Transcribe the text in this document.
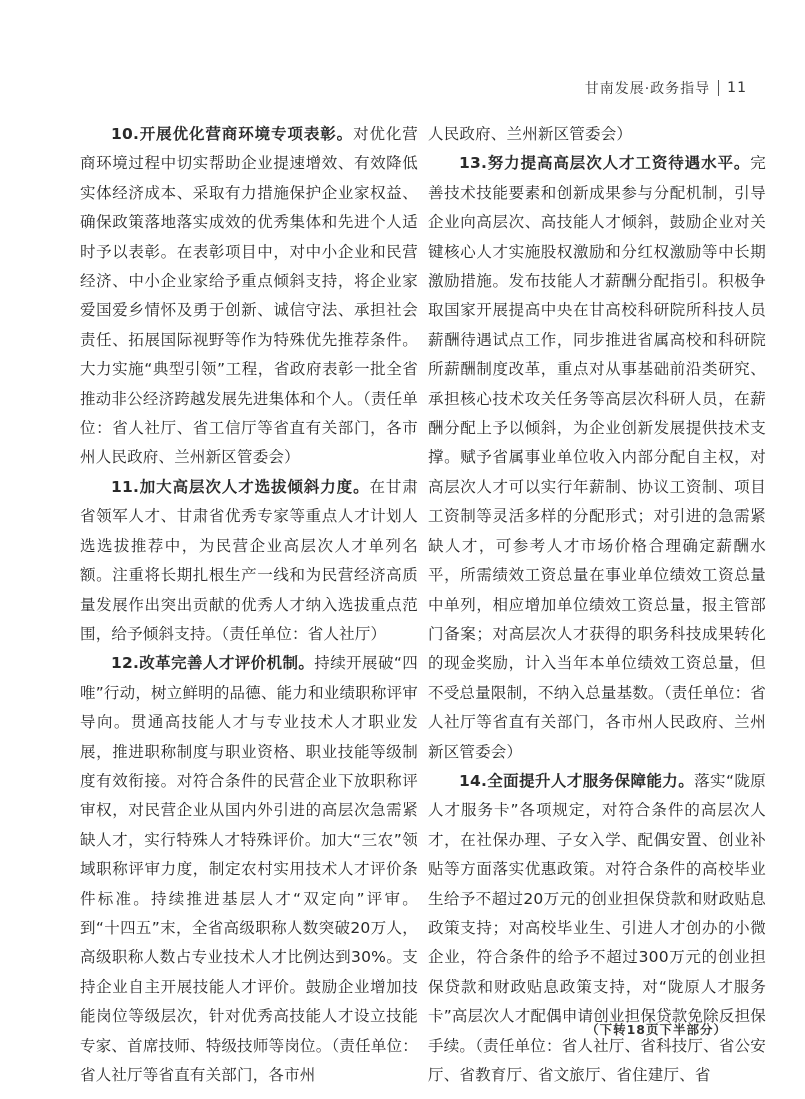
甘南发展·政务指导 11

10.开展优化营商环境专项表彰。对优化营商环境过程中切实帮助企业提速增效、有效降低实体经济成本、采取有力措施保护企业家权益、确保政策落地落实成效的优秀集体和先进个人适时予以表彰。在表彰项目中，对中小企业和民营经济、中小企业家给予重点倾斜支持，将企业家爱国爱乡情怀及勇于创新、诚信守法、承担社会责任、拓展国际视野等作为特殊优先推荐条件。大力实施“典型引领”工程，省政府表彰一批全省推动非公经济跨越发展先进集体和个人。（责任单位：省人社厅、省工信厅等省直有关部门，各市州人民政府、兰州新区管委会）

11.加大高层次人才选拔倾斜力度。在甘肃省领军人才、甘肃省优秀专家等重点人才计划人选选拔推荐中，为民营企业高层次人才单列名额。注重将长期扎根生产一线和为民营经济高质量发展作出突出贡献的优秀人才纳入选拔重点范围，给予倾斜支持。（责任单位：省人社厅）

12.改革完善人才评价机制。持续开展破“四唯”行动，树立鲜明的品德、能力和业绩职称评审导向。贯通高技能人才与专业技术人才职业发展，推进职称制度与职业资格、职业技能等级制度有效衔接。对符合条件的民营企业下放职称评审权，对民营企业从国内外引进的高层次急需紧缺人才，实行特殊人才特殊评价。加大“三农”领域职称评审力度，制定农村实用技术人才评价条件标准。持续推进基层人才“双定向”评审。到“十四五”末，全省高级职称人数突破20万人，高级职称人数占专业技术人才比例达到30%。支持企业自主开展技能人才评价。鼓励企业增加技能岗位等级层次，针对优秀高技能人才设立技能专家、首席技师、特级技师等岗位。（责任单位：省人社厅等省直有关部门，各市州

人民政府、兰州新区管委会）

13.努力提高高层次人才工资待遇水平。完善技术技能要素和创新成果参与分配机制，引导企业向高层次、高技能人才倾斜，鼓励企业对关键核心人才实施股权激励和分红权激励等中长期激励措施。发布技能人才薪酬分配指引。积极争取国家开展提高中央在甘高校科研院所科技人员薪酬待遇试点工作，同步推进省属高校和科研院所薪酬制度改革，重点对从事基础前沿类研究、承担核心技术攻关任务等高层次科研人员，在薪酬分配上予以倾斜，为企业创新发展提供技术支撑。赋予省属事业单位收入内部分配自主权，对高层次人才可以实行年薪制、协议工资制、项目工资制等灵活多样的分配形式；对引进的急需紧缺人才，可参考人才市场价格合理确定薪酬水平，所需绩效工资总量在事业单位绩效工资总量中单列，相应增加单位绩效工资总量，报主管部门备案；对高层次人才获得的职务科技成果转化的现金奖励，计入当年本单位绩效工资总量，但不受总量限制，不纳入总量基数。（责任单位：省人社厅等省直有关部门，各市州人民政府、兰州新区管委会）

14.全面提升人才服务保障能力。落实“陇原人才服务卡”各项规定，对符合条件的高层次人才，在社保办理、子女入学、配偶安置、创业补贴等方面落实优惠政策。对符合条件的高校毕业生给予不超过20万元的创业担保贷款和财政贴息政策支持；对高校毕业生、引进人才创办的小微企业，符合条件的给予不超过300万元的创业担保贷款和财政贴息政策支持，对“陇原人才服务卡”高层次人才配偶申请创业担保贷款免除反担保手续。（责任单位：省人社厅、省科技厅、省公安厅、省教育厅、省文旅厅、省住建厅、省

（下转18页下半部分）
